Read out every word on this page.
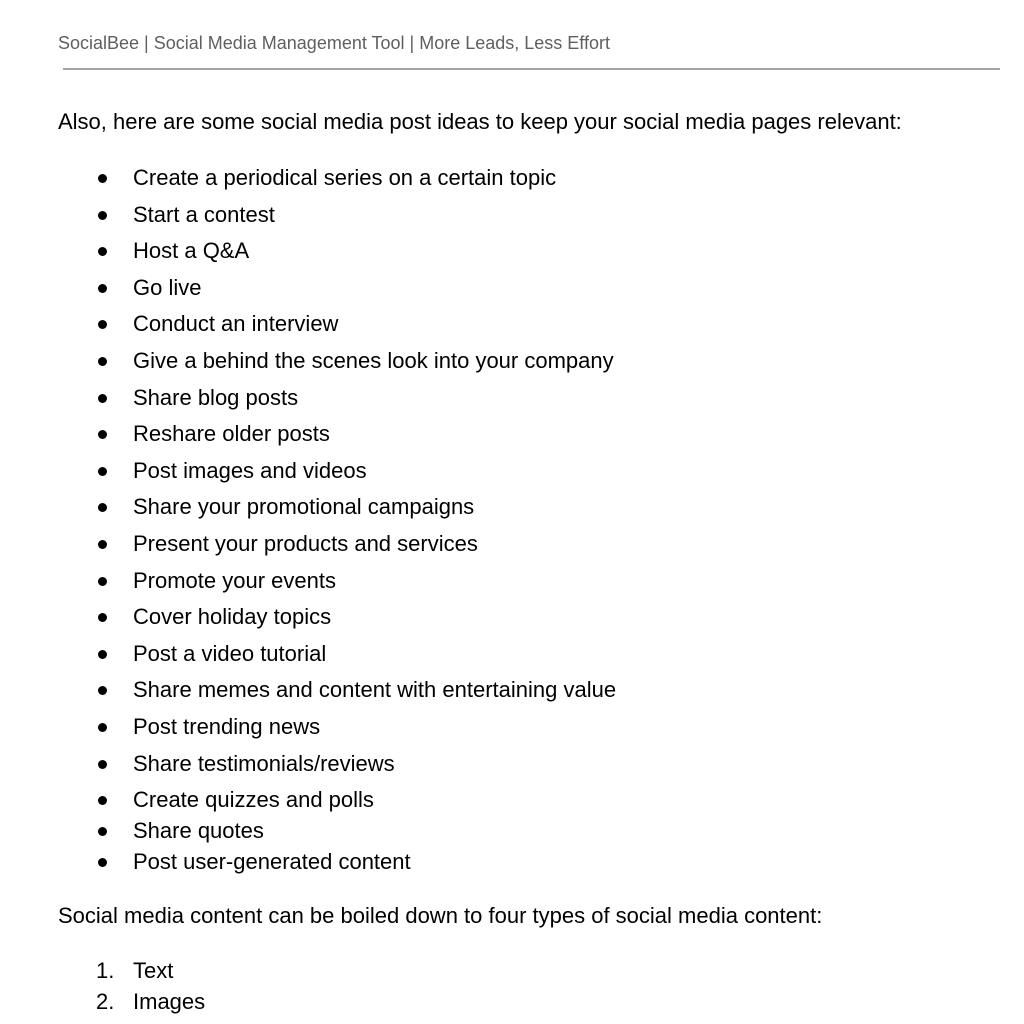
SocialBee | Social Media Management Tool | More Leads, Less Effort

Also, here are some social media post ideas to keep your social media pages relevant:

Create a periodical series on a certain topic
Start a contest
Host a Q&A
Go live
Conduct an interview
Give a behind the scenes look into your company
Share blog posts
Reshare older posts
Post images and videos
Share your promotional campaigns
Present your products and services
Promote your events
Cover holiday topics
Post a video tutorial
Share memes and content with entertaining value
Post trending news
Share testimonials/reviews
Create quizzes and polls
Share quotes
Post user-generated content

Social media content can be boiled down to four types of social media content:

1. Text
2. Images
